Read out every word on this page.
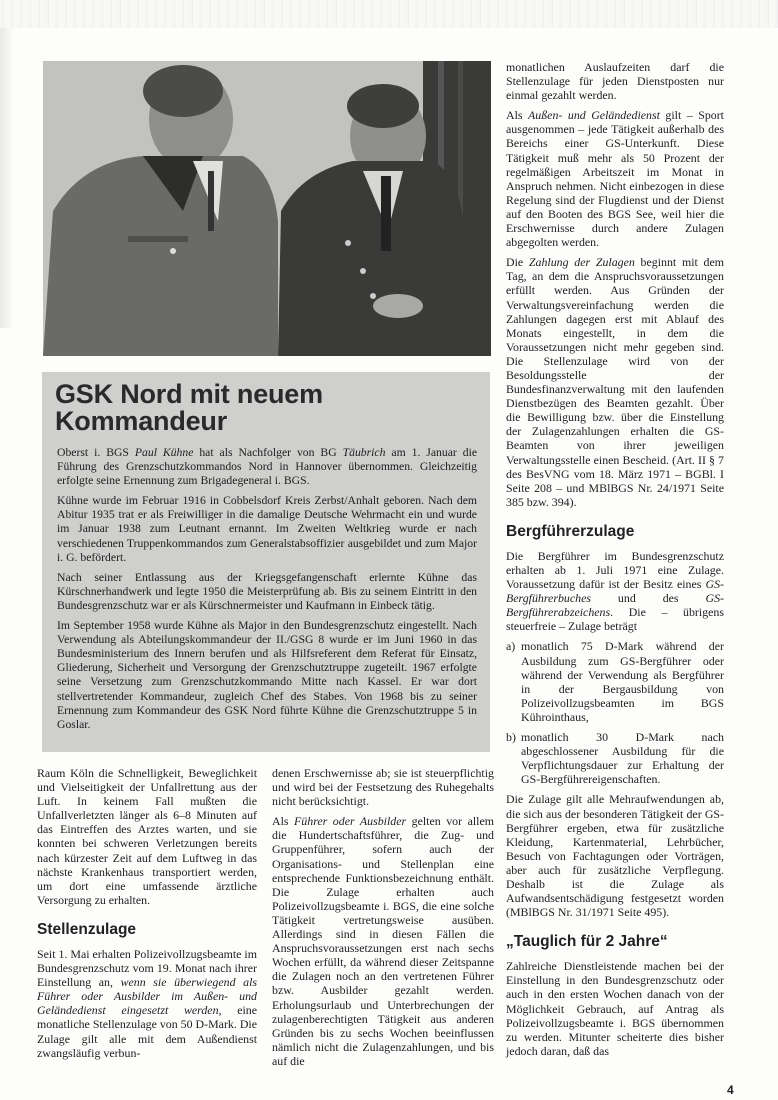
GSK Nord mit neuem Kommandeur

Oberst i. BGS Paul Kühne hat als Nachfolger von BG Täubrich am 1. Januar die Führung des Grenzschutzkommandos Nord in Hannover übernommen. Gleichzeitig erfolgte seine Ernennung zum Brigadegeneral i. BGS.

Kühne wurde im Februar 1916 in Cobbelsdorf Kreis Zerbst/Anhalt geboren. Nach dem Abitur 1935 trat er als Freiwilliger in die damalige Deutsche Wehrmacht ein und wurde im Januar 1938 zum Leutnant ernannt. Im Zweiten Weltkrieg wurde er nach verschiedenen Truppenkommandos zum Generalstabsoffizier ausgebildet und zum Major i. G. befördert.

Nach seiner Entlassung aus der Kriegsgefangenschaft erlernte Kühne das Kürschnerhandwerk und legte 1950 die Meisterprüfung ab. Bis zu seinem Eintritt in den Bundesgrenzschutz war er als Kürschnermeister und Kaufmann in Einbeck tätig.

Im September 1958 wurde Kühne als Major in den Bundesgrenzschutz eingestellt. Nach Verwendung als Abteilungskommandeur der II./GSG 8 wurde er im Juni 1960 in das Bundesministerium des Innern berufen und als Hilfsreferent dem Referat für Einsatz, Gliederung, Sicherheit und Versorgung der Grenzschutztruppe zugeteilt. 1967 erfolgte seine Versetzung zum Grenzschutzkommando Mitte nach Kassel. Er war dort stellvertretender Kommandeur, zugleich Chef des Stabes. Von 1968 bis zu seiner Ernennung zum Kommandeur des GSK Nord führte Kühne die Grenzschutztruppe 5 in Goslar.

Raum Köln die Schnelligkeit, Beweglichkeit und Vielseitigkeit der Unfallrettung aus der Luft. In keinem Fall mußten die Unfallverletzten länger als 6–8 Minuten auf das Eintreffen des Arztes warten, und sie konnten bei schweren Verletzungen bereits nach kürzester Zeit auf dem Luftweg in das nächste Krankenhaus transportiert werden, um dort eine umfassende ärztliche Versorgung zu erhalten.

Stellenzulage

Seit 1. Mai erhalten Polizeivollzugsbeamte im Bundesgrenzschutz vom 19. Monat nach ihrer Einstellung an, wenn sie überwiegend als Führer oder Ausbilder im Außen- und Geländedienst eingesetzt werden, eine monatliche Stellenzulage von 50 D-Mark. Die Zulage gilt alle mit dem Außendienst zwangsläufig verbun-

denen Erschwernisse ab; sie ist steuerpflichtig und wird bei der Festsetzung des Ruhegehalts nicht berücksichtigt.

Als Führer oder Ausbilder gelten vor allem die Hundertschaftsführer, die Zug- und Gruppenführer, sofern auch der Organisations- und Stellenplan eine entsprechende Funktionsbezeichnung enthält. Die Zulage erhalten auch Polizeivollzugsbeamte i. BGS, die eine solche Tätigkeit vertretungsweise ausüben. Allerdings sind in diesen Fällen die Anspruchsvoraussetzungen erst nach sechs Wochen erfüllt, da während dieser Zeitspanne die Zulagen noch an den vertretenen Führer bzw. Ausbilder gezahlt werden. Erholungsurlaub und Unterbrechungen der zulagenberechtigten Tätigkeit aus anderen Gründen bis zu sechs Wochen beeinflussen nämlich nicht die Zulagenzahlungen, und bis auf die

monatlichen Auslaufzeiten darf die Stellenzulage für jeden Dienstposten nur einmal gezahlt werden.

Als Außen- und Geländedienst gilt – Sport ausgenommen – jede Tätigkeit außerhalb des Bereichs einer GS-Unterkunft. Diese Tätigkeit muß mehr als 50 Prozent der regelmäßigen Arbeitszeit im Monat in Anspruch nehmen. Nicht einbezogen in diese Regelung sind der Flugdienst und der Dienst auf den Booten des BGS See, weil hier die Erschwernisse durch andere Zulagen abgegolten werden.

Die Zahlung der Zulagen beginnt mit dem Tag, an dem die Anspruchsvoraussetzungen erfüllt werden. Aus Gründen der Verwaltungsvereinfachung werden die Zahlungen dagegen erst mit Ablauf des Monats eingestellt, in dem die Voraussetzungen nicht mehr gegeben sind. Die Stellenzulage wird von der Besoldungsstelle der Bundesfinanzverwaltung mit den laufenden Dienstbezügen des Beamten gezahlt. Über die Bewilligung bzw. über die Einstellung der Zulagenzahlungen erhalten die GS-Beamten von ihrer jeweiligen Verwaltungsstelle einen Bescheid. (Art. II § 7 des BesVNG vom 18. März 1971 – BGBl. I Seite 208 – und MBlBGS Nr. 24/1971 Seite 385 bzw. 394).

Bergführerzulage

Die Bergführer im Bundesgrenzschutz erhalten ab 1. Juli 1971 eine Zulage. Voraussetzung dafür ist der Besitz eines GS-Bergführerbuches und des GS-Bergführerabzeichens. Die – übrigens steuerfreie – Zulage beträgt

a) monatlich 75 D-Mark während der Ausbildung zum GS-Bergführer oder während der Verwendung als Bergführer in der Bergausbildung von Polizeivollzugsbeamten im BGS Kührointhaus,
b) monatlich 30 D-Mark nach abgeschlossener Ausbildung für die Verpflichtungsdauer zur Erhaltung der GS-Bergführereigenschaften.

Die Zulage gilt alle Mehraufwendungen ab, die sich aus der besonderen Tätigkeit der GS-Bergführer ergeben, etwa für zusätzliche Kleidung, Kartenmaterial, Lehrbücher, Besuch von Fachtagungen oder Vorträgen, aber auch für zusätzliche Verpflegung. Deshalb ist die Zulage als Aufwandsentschädigung festgesetzt worden (MBlBGS Nr. 31/1971 Seite 495).

„Tauglich für 2 Jahre“

Zahlreiche Dienstleistende machen bei der Einstellung in den Bundesgrenzschutz oder auch in den ersten Wochen danach von der Möglichkeit Gebrauch, auf Antrag als Polizeivollzugsbeamte i. BGS übernommen zu werden. Mitunter scheiterte dies bisher jedoch daran, daß das

4
